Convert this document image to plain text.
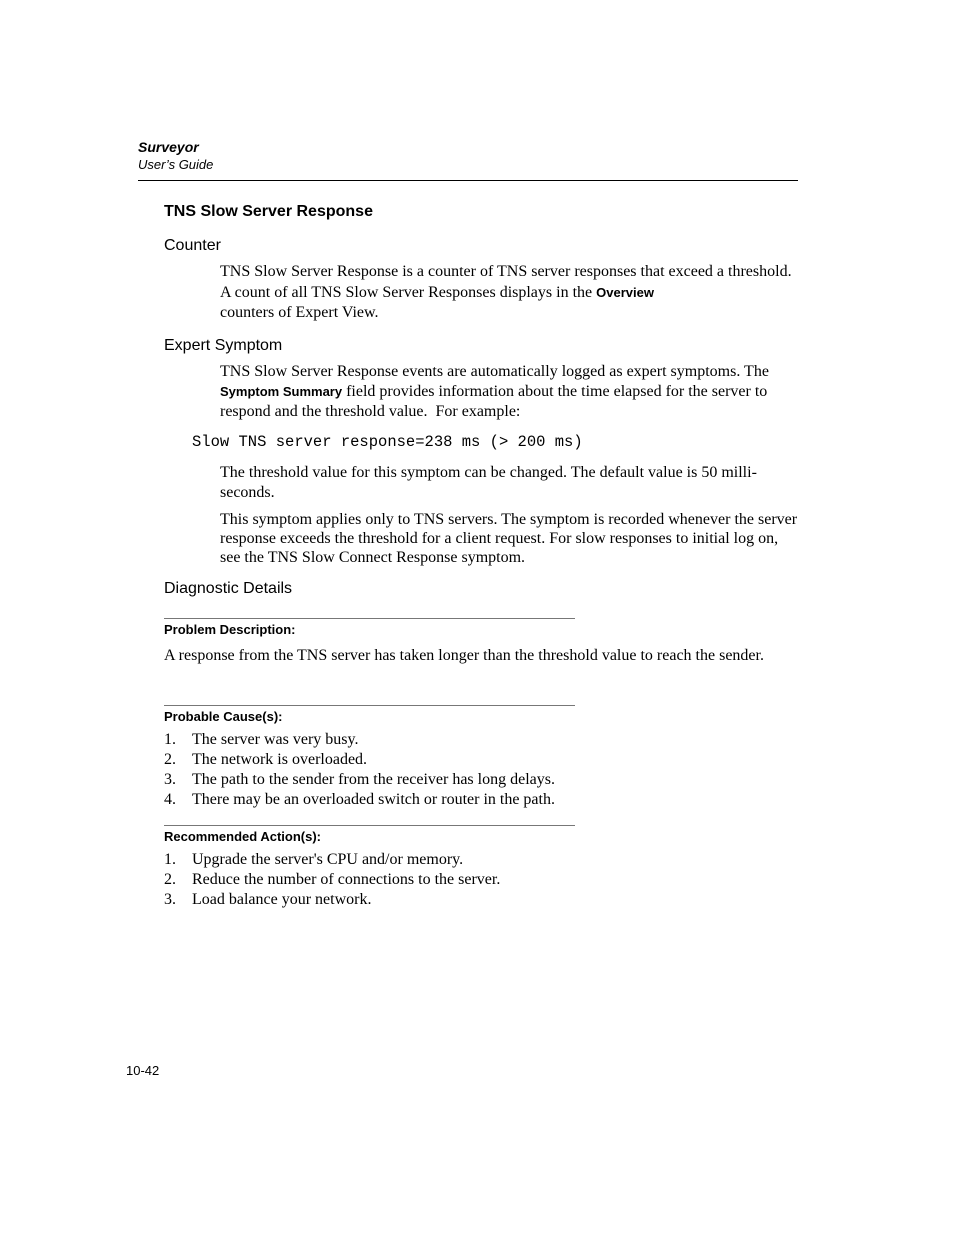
Surveyor
User’s Guide
TNS Slow Server Response
Counter

TNS Slow Server Response is a counter of TNS server responses that exceed a threshold. A count of all TNS Slow Server Responses displays in the Overview
counters of Expert View.

Expert Symptom

TNS Slow Server Response events are automatically logged as expert symptoms. The Symptom Summary field provides information about the time elapsed for the server to respond and the threshold value.  For example:

Slow TNS server response=238 ms (> 200 ms)
The threshold value for this symptom can be changed. The default value is 50 milli-seconds.
This symptom applies only to TNS servers. The symptom is recorded whenever the server response exceeds the threshold for a client request. For slow responses to initial log on, see the TNS Slow Connect Response symptom.
Diagnostic Details
Problem Description:
A response from the TNS server has taken longer than the threshold value to reach the sender.
Probable Cause(s):
1.	The server was very busy.
2.	The network is overloaded.
3.	The path to the sender from the receiver has long delays.
4.	There may be an overloaded switch or router in the path.
Recommended Action(s):
1.	Upgrade the server's CPU and/or memory.
2.	Reduce the number of connections to the server.
3.	Load balance your network.
10-42
